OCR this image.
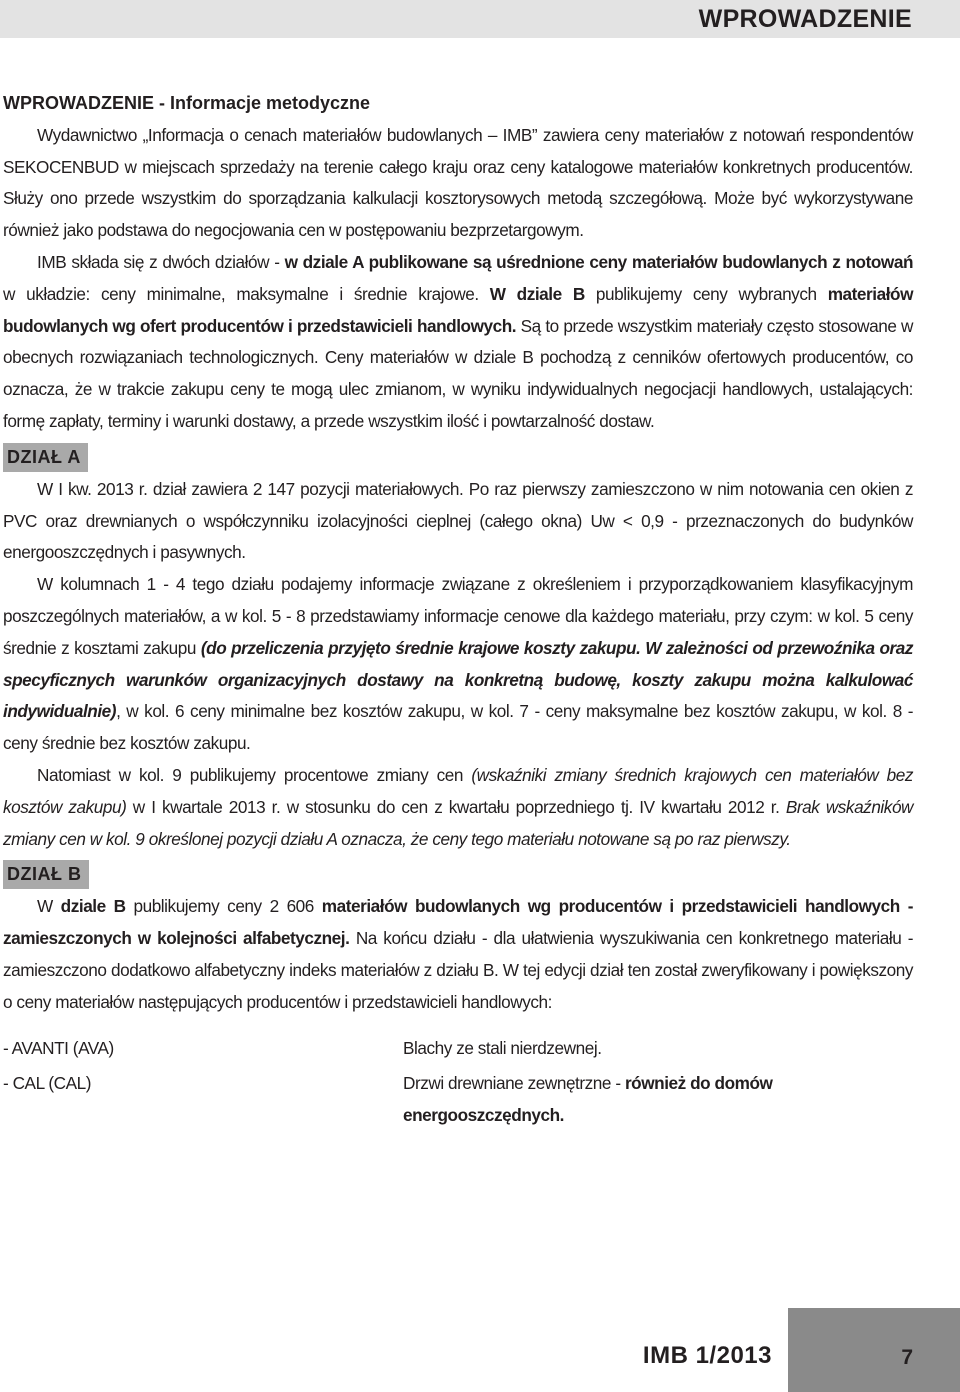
WPROWADZENIE

WPROWADZENIE - Informacje metodyczne

Wydawnictwo „Informacja o cenach materiałów budowlanych – IMB” zawiera ceny materiałów z notowań respondentów SEKOCENBUD w miejscach sprzedaży na terenie całego kraju oraz ceny katalogowe materiałów konkretnych producentów. Służy ono przede wszystkim do sporządzania kalkulacji kosztorysowych metodą szczegółową. Może być wykorzystywane również jako podstawa do negocjowania cen w postępowaniu bezprzetargowym.

IMB składa się z dwóch działów - w dziale A publikowane są uśrednione ceny materiałów budowlanych z notowań w układzie: ceny minimalne, maksymalne i średnie krajowe. W dziale B publikujemy ceny wybranych materiałów budowlanych wg ofert producentów i przedstawicieli handlowych. Są to przede wszystkim materiały często stosowane w obecnych rozwiązaniach technologicznych. Ceny materiałów w dziale B pochodzą z cenników ofertowych producentów, co oznacza, że w trakcie zakupu ceny te mogą ulec zmianom, w wyniku indywidualnych negocjacji handlowych, ustalających: formę zapłaty, terminy i warunki dostawy, a przede wszystkim ilość i powtarzalność dostaw.

DZIAŁ A

W I kw. 2013 r. dział zawiera 2 147 pozycji materiałowych. Po raz pierwszy zamieszczono w nim notowania cen okien z PVC oraz drewnianych o współczynniku izolacyjności cieplnej (całego okna) Uw < 0,9 - przeznaczonych do budynków energooszczędnych i pasywnych.

W kolumnach 1 - 4 tego działu podajemy informacje związane z określeniem i przyporządkowaniem klasyfikacyjnym poszczególnych materiałów, a w kol. 5 - 8 przedstawiamy informacje cenowe dla każdego materiału, przy czym: w kol. 5 ceny średnie z kosztami zakupu (do przeliczenia przyjęto średnie krajowe koszty zakupu. W zależności od przewoźnika oraz specyficznych warunków organizacyjnych dostawy na konkretną budowę, koszty zakupu można kalkulować indywidualnie), w kol. 6 ceny minimalne bez kosztów zakupu, w kol. 7 - ceny maksymalne bez kosztów zakupu, w kol. 8 - ceny średnie bez kosztów zakupu.

Natomiast w kol. 9 publikujemy procentowe zmiany cen (wskaźniki zmiany średnich krajowych cen materiałów bez kosztów zakupu) w I kwartale 2013 r. w stosunku do cen z kwartału poprzedniego tj. IV kwartału 2012 r. Brak wskaźników zmiany cen w kol. 9 określonej pozycji działu A oznacza, że ceny tego materiału notowane są po raz pierwszy.

DZIAŁ B

W dziale B publikujemy ceny 2 606 materiałów budowlanych wg producentów i przedstawicieli handlowych - zamieszczonych w kolejności alfabetycznej. Na końcu działu - dla ułatwienia wyszukiwania cen konkretnego materiału - zamieszczono dodatkowo alfabetyczny indeks materiałów z działu B. W tej edycji dział ten został zweryfikowany i powiększony o ceny materiałów następujących producentów i przedstawicieli handlowych:

- AVANTI (AVA)	Blachy ze stali nierdzewnej.
- CAL (CAL)	Drzwi drewniane zewnętrzne - również do domów energooszczędnych.
IMB 1/2013	7
